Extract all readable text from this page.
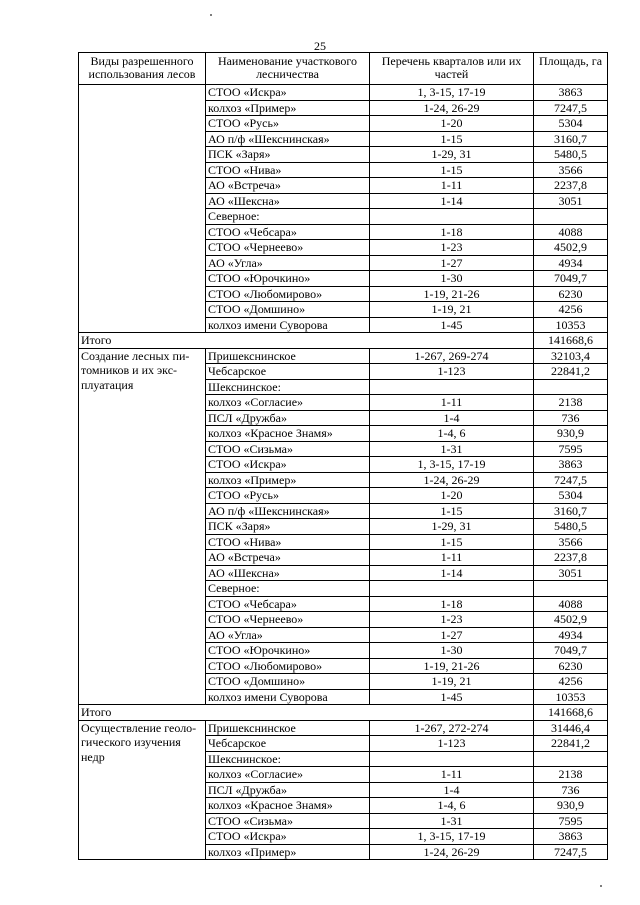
25
Виды разрешенного использования лесов	Наименование участкового лесничества	Перечень кварталов или их частей	Площадь, га
	СТОО «Искра»	1, 3-15, 17-19	3863
	колхоз «Пример»	1-24, 26-29	7247,5
	СТОО «Русь»	1-20	5304
	АО п/ф «Шекснинская»	1-15	3160,7
	ПСК «Заря»	1-29, 31	5480,5
	СТОО «Нива»	1-15	3566
	АО «Встреча»	1-11	2237,8
	АО «Шексна»	1-14	3051
	Северное:		
	СТОО «Чебсара»	1-18	4088
	СТОО «Чернеево»	1-23	4502,9
	АО «Угла»	1-27	4934
	СТОО «Юрочкино»	1-30	7049,7
	СТОО «Любомирово»	1-19, 21-26	6230
	СТОО «Домшино»	1-19, 21	4256
	колхоз имени Суворова	1-45	10353
Итого			141668,6
Создание лесных пи-томников и их экс-плуатация	Пришекснинское	1-267, 269-274	32103,4
	Чебсарское	1-123	22841,2
	Шекснинское:		
	колхоз «Согласие»	1-11	2138
	ПСЛ «Дружба»	1-4	736
	колхоз «Красное Знамя»	1-4, 6	930,9
	СТОО «Сизьма»	1-31	7595
	СТОО «Искра»	1, 3-15, 17-19	3863
	колхоз «Пример»	1-24, 26-29	7247,5
	СТОО «Русь»	1-20	5304
	АО п/ф «Шекснинская»	1-15	3160,7
	ПСК «Заря»	1-29, 31	5480,5
	СТОО «Нива»	1-15	3566
	АО «Встреча»	1-11	2237,8
	АО «Шексна»	1-14	3051
	Северное:		
	СТОО «Чебсара»	1-18	4088
	СТОО «Чернеево»	1-23	4502,9
	АО «Угла»	1-27	4934
	СТОО «Юрочкино»	1-30	7049,7
	СТОО «Любомирово»	1-19, 21-26	6230
	СТОО «Домшино»	1-19, 21	4256
	колхоз имени Суворова	1-45	10353
Итого			141668,6
Осуществление геоло-гического изучения недр	Пришекснинское	1-267, 272-274	31446,4
	Чебсарское	1-123	22841,2
	Шекснинское:		
	колхоз «Согласие»	1-11	2138
	ПСЛ «Дружба»	1-4	736
	колхоз «Красное Знамя»	1-4, 6	930,9
	СТОО «Сизьма»	1-31	7595
	СТОО «Искра»	1, 3-15, 17-19	3863
	колхоз «Пример»	1-24, 26-29	7247,5
